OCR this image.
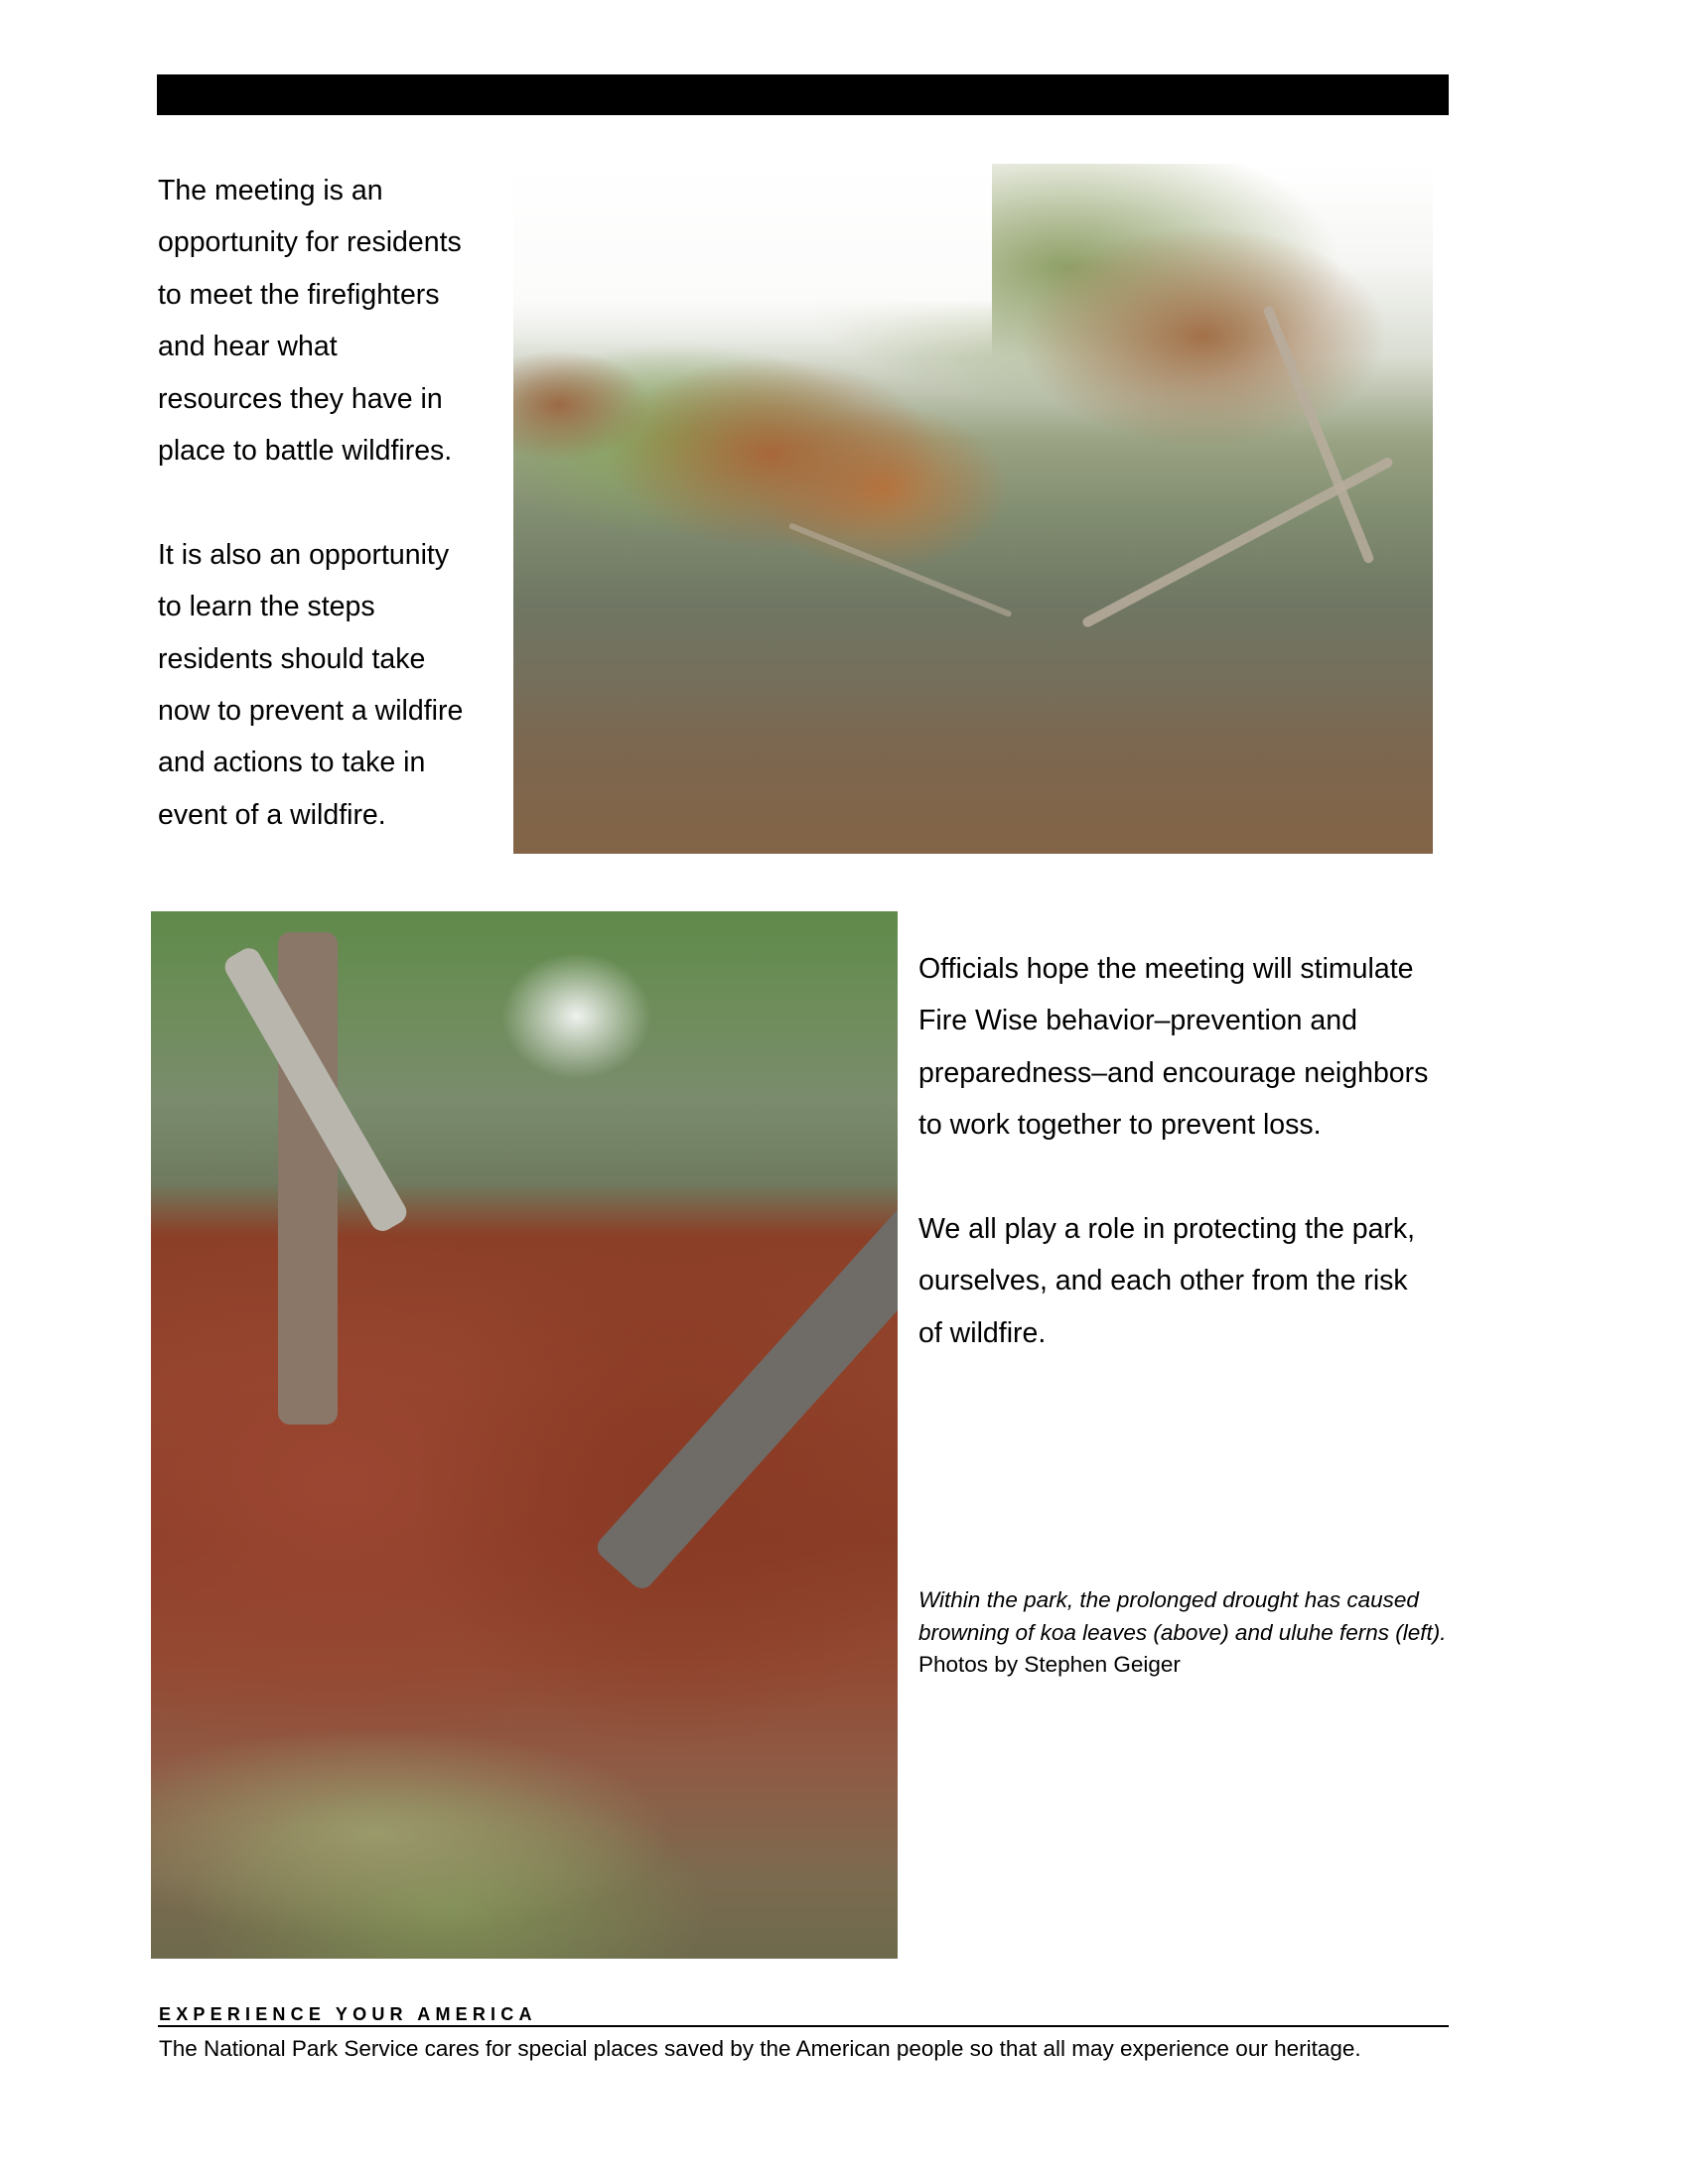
The meeting is an
opportunity for residents
to meet the firefighters
and hear what
resources they have in
place to battle wildfires.

It is also an opportunity
to learn the steps
residents should take
now to prevent a wildfire
and actions to take in
event of a wildfire.

Officials hope the meeting will stimulate
Fire Wise behavior–prevention and
preparedness–and encourage neighbors
to work together to prevent loss.

We all play a role in protecting the park,
ourselves, and each other from the risk
of wildfire.

Within the park, the prolonged drought has caused
browning of koa leaves (above) and uluhe ferns (left).
Photos by Stephen Geiger
EXPERIENCE YOUR AMERICA
The National Park Service cares for special places saved by the American people so that all may experience our heritage.
